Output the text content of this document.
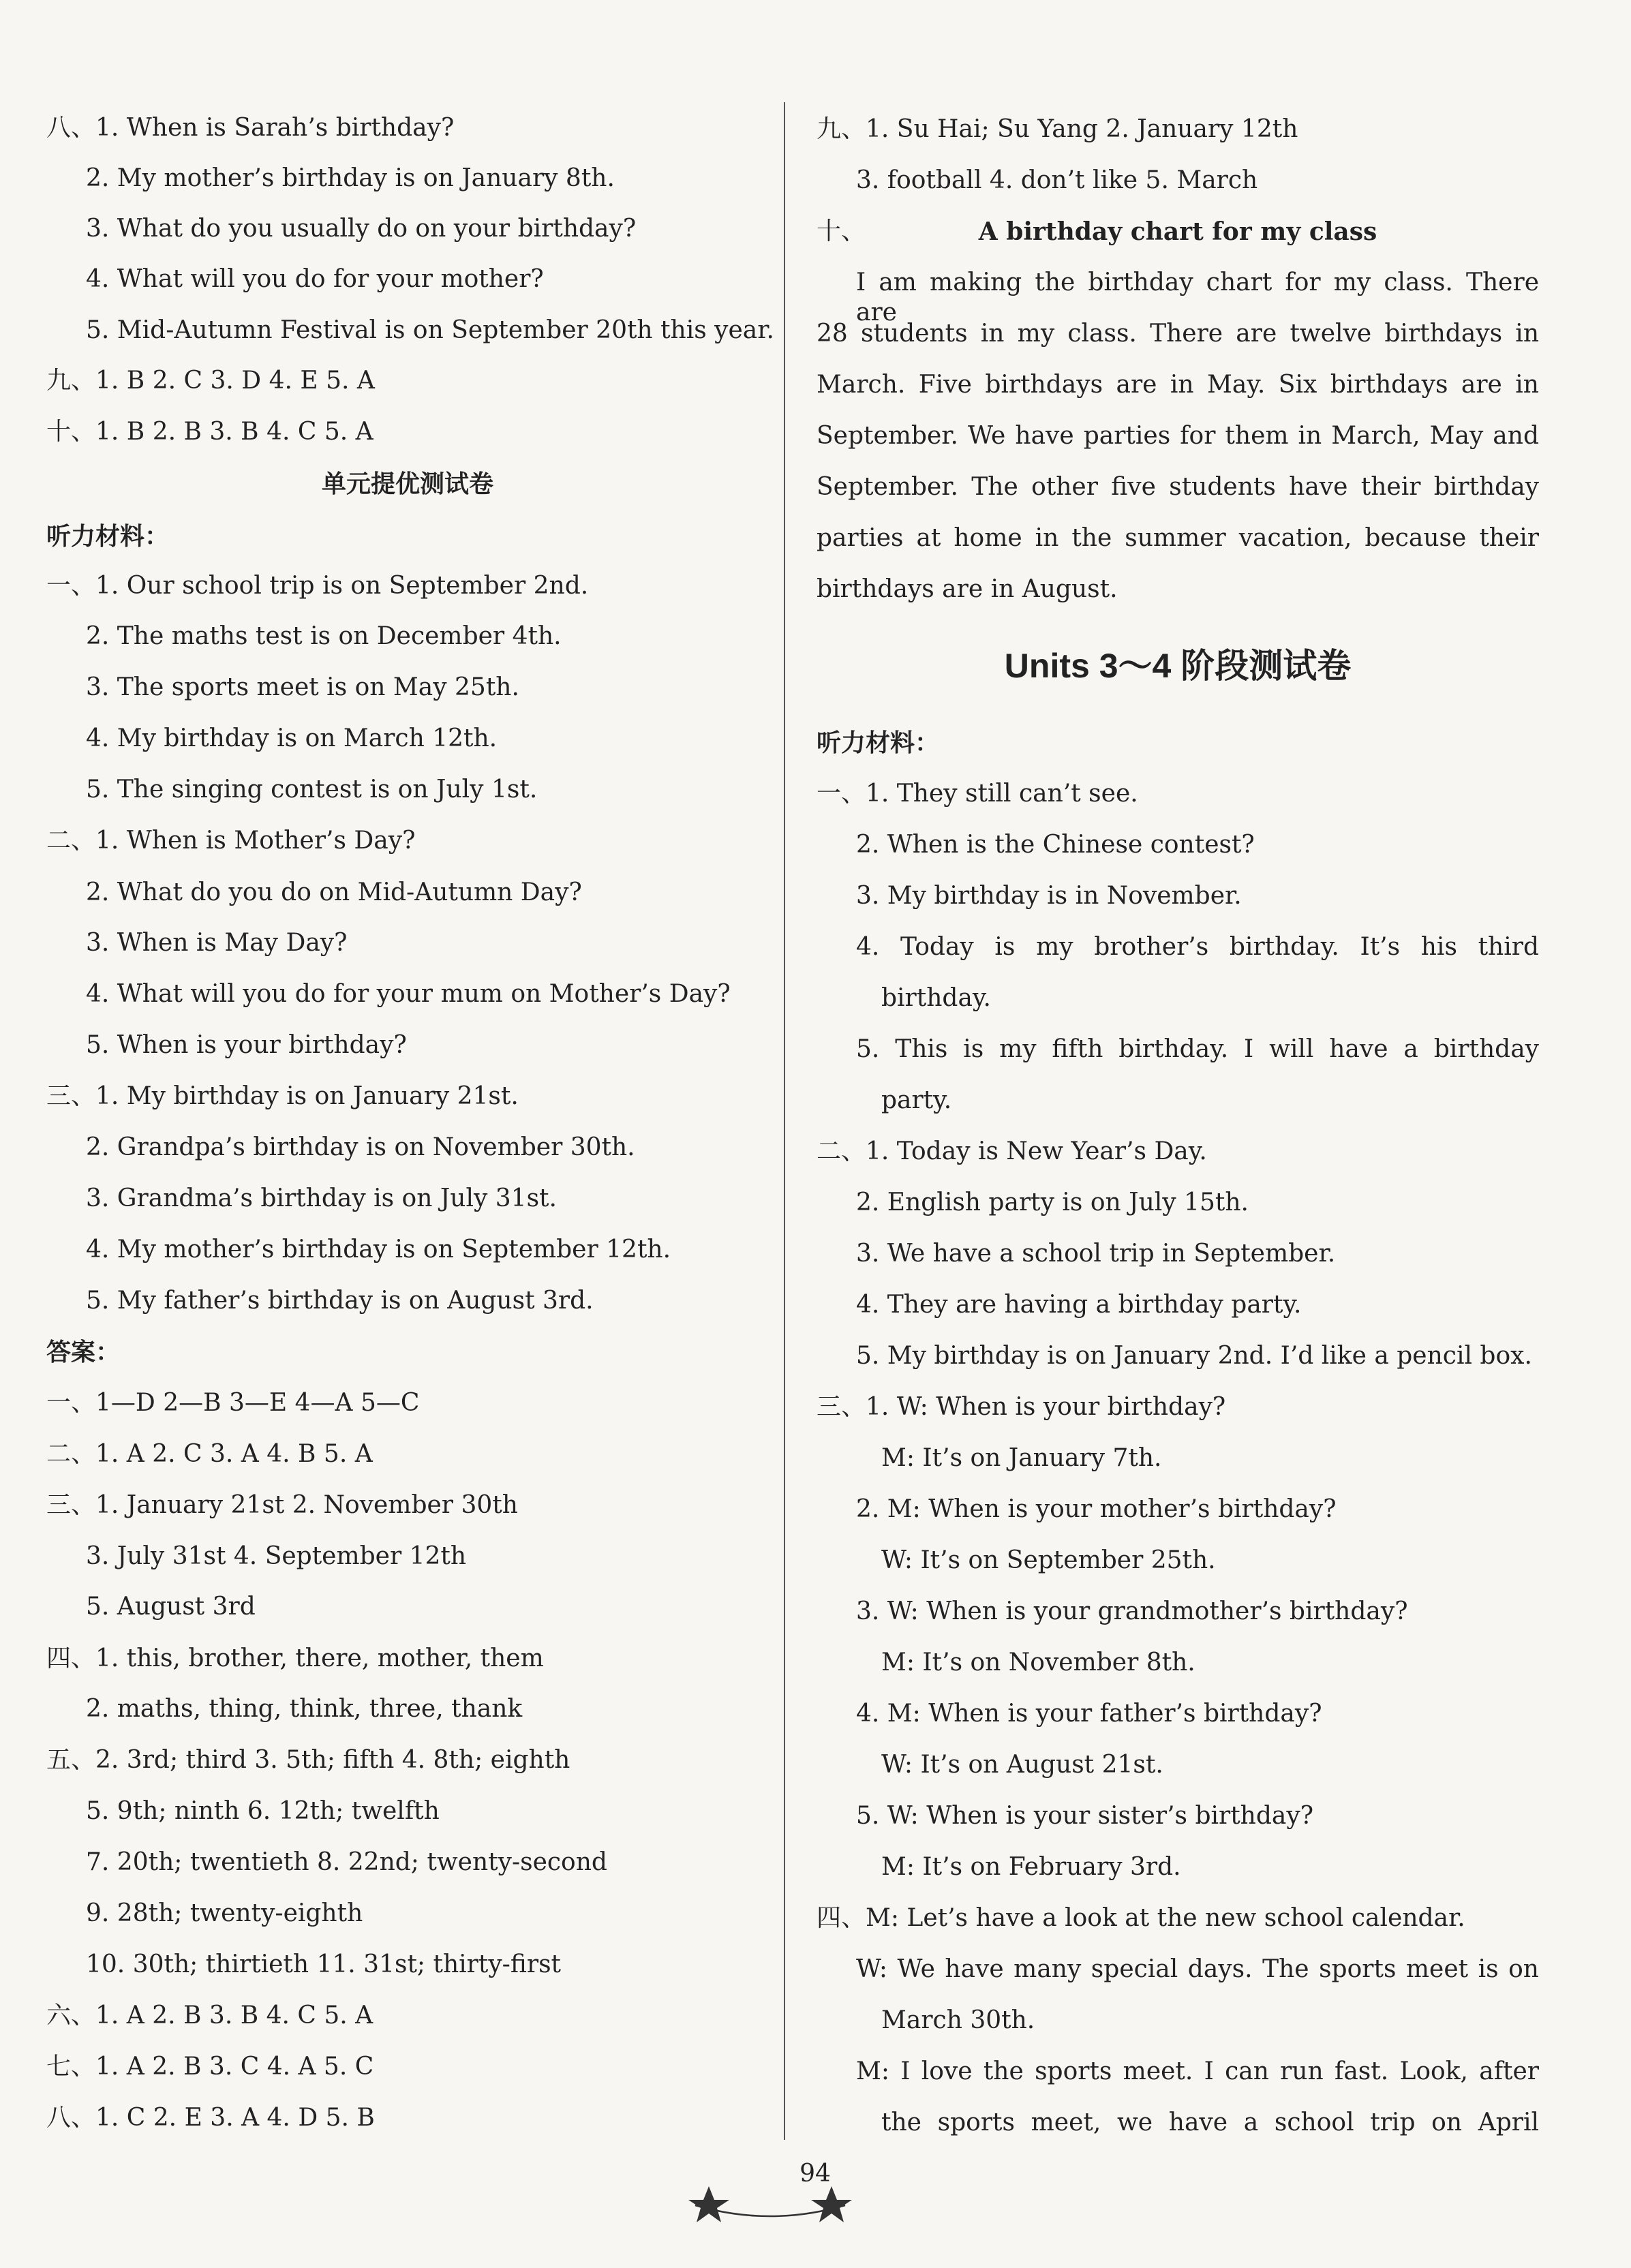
八、1. When is Sarah’s birthday?
2. My mother’s birthday is on January 8th.
3. What do you usually do on your birthday?
4. What will you do for your mother?
5. Mid-Autumn Festival is on September 20th this year.
九、1. B 2. C 3. D 4. E 5. A
十、1. B 2. B 3. B 4. C 5. A
单元提优测试卷
听力材料：
一、1. Our school trip is on September 2nd.
2. The maths test is on December 4th.
3. The sports meet is on May 25th.
4. My birthday is on March 12th.
5. The singing contest is on July 1st.
二、1. When is Mother’s Day?
2. What do you do on Mid-Autumn Day?
3. When is May Day?
4. What will you do for your mum on Mother’s Day?
5. When is your birthday?
三、1. My birthday is on January 21st.
2. Grandpa’s birthday is on November 30th.
3. Grandma’s birthday is on July 31st.
4. My mother’s birthday is on September 12th.
5. My father’s birthday is on August 3rd.
答案：
一、1—D 2—B 3—E 4—A 5—C
二、1. A 2. C 3. A 4. B 5. A
三、1. January 21st 2. November 30th
3. July 31st 4. September 12th
5. August 3rd
四、1. this, brother, there, mother, them
2. maths, thing, think, three, thank
五、2. 3rd; third 3. 5th; fifth 4. 8th; eighth
5. 9th; ninth 6. 12th; twelfth
7. 20th; twentieth 8. 22nd; twenty-second
9. 28th; twenty-eighth
10. 30th; thirtieth 11. 31st; thirty-first
六、1. A 2. B 3. B 4. C 5. A
七、1. A 2. B 3. C 4. A 5. C
八、1. C 2. E 3. A 4. D 5. B
九、1. Su Hai; Su Yang 2. January 12th
3. football 4. don’t like 5. March
十、	A birthday chart for my class
I am making the birthday chart for my class. There are
28 students in my class. There are twelve birthdays in
March. Five birthdays are in May. Six birthdays are in
September. We have parties for them in March, May and
September. The other five students have their birthday
parties at home in the summer vacation, because their
birthdays are in August.
Units 3～4 阶段测试卷
听力材料：
一、1. They still can’t see.
2. When is the Chinese contest?
3. My birthday is in November.
4. Today is my brother’s birthday. It’s his third
birthday.
5. This is my fifth birthday. I will have a birthday
party.
二、1. Today is New Year’s Day.
2. English party is on July 15th.
3. We have a school trip in September.
4. They are having a birthday party.
5. My birthday is on January 2nd. I’d like a pencil box.
三、1. W: When is your birthday?
M: It’s on January 7th.
2. M: When is your mother’s birthday?
W: It’s on September 25th.
3. W: When is your grandmother’s birthday?
M: It’s on November 8th.
4. M: When is your father’s birthday?
W: It’s on August 21st.
5. W: When is your sister’s birthday?
M: It’s on February 3rd.
四、M: Let’s have a look at the new school calendar.
W: We have many special days. The sports meet is on
March 30th.
M: I love the sports meet. I can run fast. Look, after
the sports meet, we have a school trip on April
94
